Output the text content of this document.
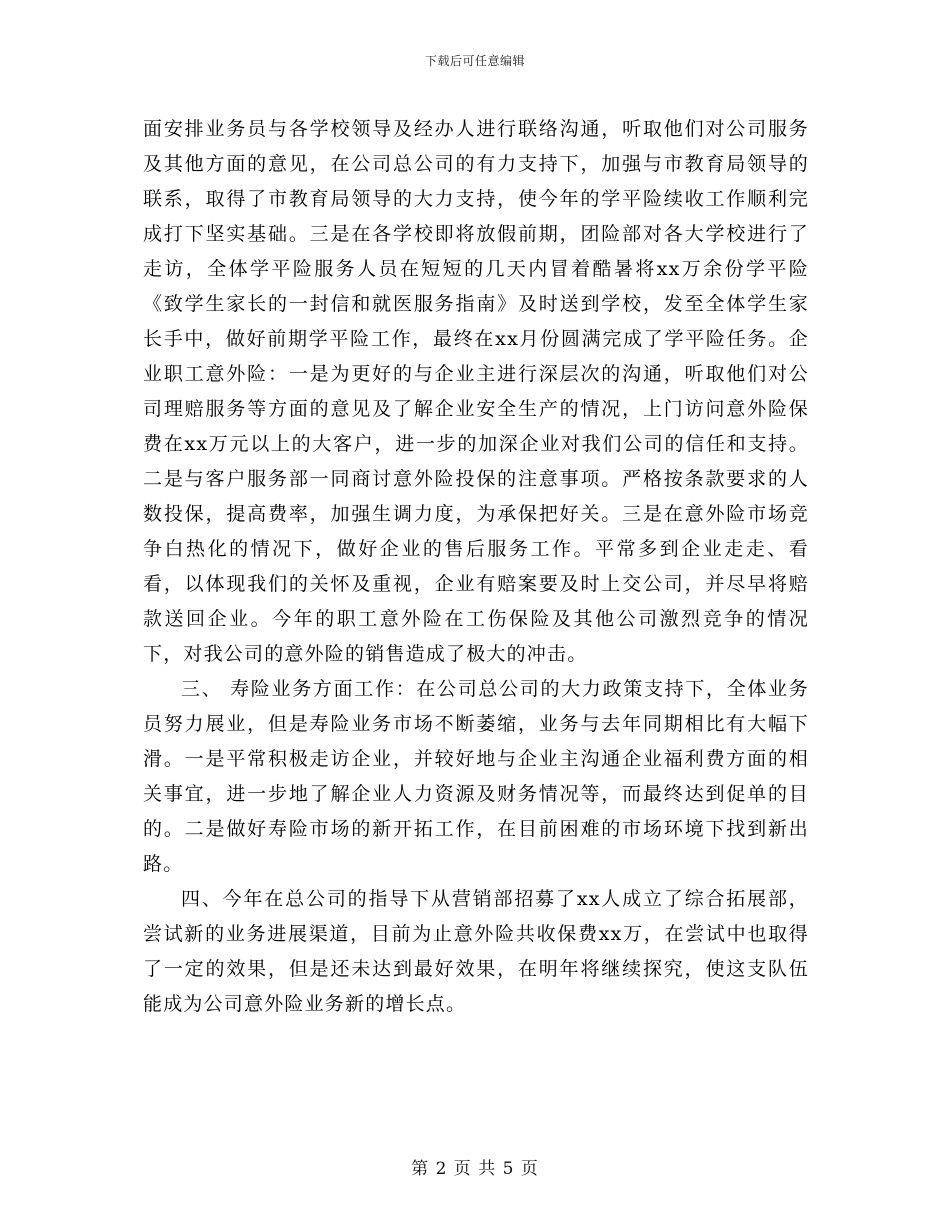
下载后可任意编辑

面安排业务员与各学校领导及经办人进行联络沟通，听取他们对公司服务及其他方面的意见，在公司总公司的有力支持下，加强与市教育局领导的联系，取得了市教育局领导的大力支持，使今年的学平险续收工作顺利完成打下坚实基础。三是在各学校即将放假前期，团险部对各大学校进行了走访，全体学平险服务人员在短短的几天内冒着酷暑将xx万余份学平险《致学生家长的一封信和就医服务指南》及时送到学校，发至全体学生家长手中，做好前期学平险工作，最终在xx月份圆满完成了学平险任务。企业职工意外险：一是为更好的与企业主进行深层次的沟通，听取他们对公司理赔服务等方面的意见及了解企业安全生产的情况，上门访问意外险保费在xx万元以上的大客户，进一步的加深企业对我们公司的信任和支持。二是与客户服务部一同商讨意外险投保的注意事项。严格按条款要求的人数投保，提高费率，加强生调力度，为承保把好关。三是在意外险市场竞争白热化的情况下，做好企业的售后服务工作。平常多到企业走走、看看，以体现我们的关怀及重视，企业有赔案要及时上交公司，并尽早将赔款送回企业。今年的职工意外险在工伤保险及其他公司激烈竞争的情况下，对我公司的意外险的销售造成了极大的冲击。

三、 寿险业务方面工作：在公司总公司的大力政策支持下，全体业务员努力展业，但是寿险业务市场不断萎缩，业务与去年同期相比有大幅下滑。一是平常积极走访企业，并较好地与企业主沟通企业福利费方面的相关事宜，进一步地了解企业人力资源及财务情况等，而最终达到促单的目的。二是做好寿险市场的新开拓工作，在目前困难的市场环境下找到新出路。

四、今年在总公司的指导下从营销部招募了xx人成立了综合拓展部，尝试新的业务进展渠道，目前为止意外险共收保费xx万，在尝试中也取得了一定的效果，但是还未达到最好效果，在明年将继续探究，使这支队伍能成为公司意外险业务新的增长点。

第 2 页 共 5 页
